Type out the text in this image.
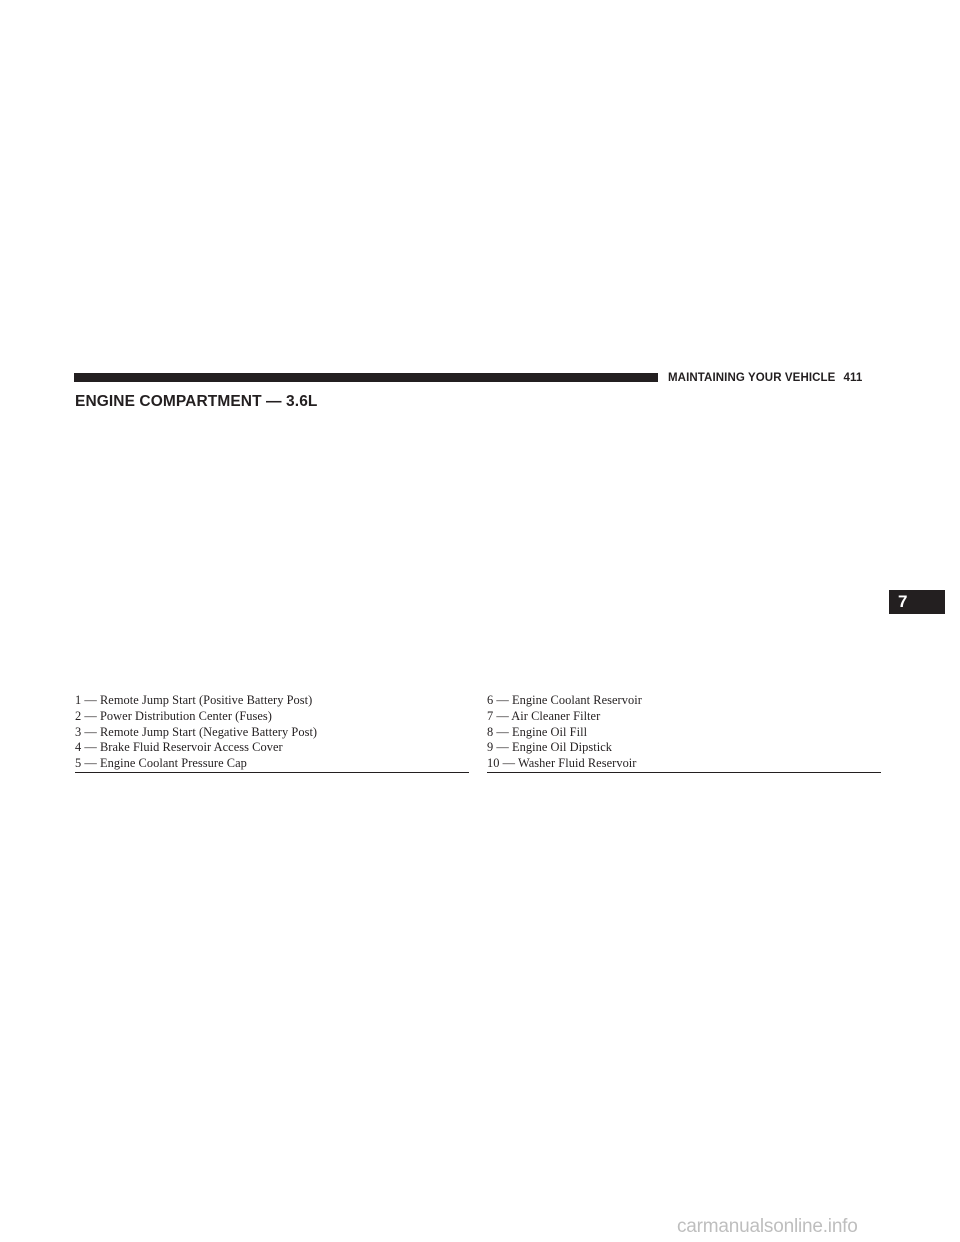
MAINTAINING YOUR VEHICLE 411
ENGINE COMPARTMENT — 3.6L
7
1 — Remote Jump Start (Positive Battery Post)
2 — Power Distribution Center (Fuses)
3 — Remote Jump Start (Negative Battery Post)
4 — Brake Fluid Reservoir Access Cover
5 — Engine Coolant Pressure Cap
6 — Engine Coolant Reservoir
7 — Air Cleaner Filter
8 — Engine Oil Fill
9 — Engine Oil Dipstick
10 — Washer Fluid Reservoir
carmanualsonline.info
